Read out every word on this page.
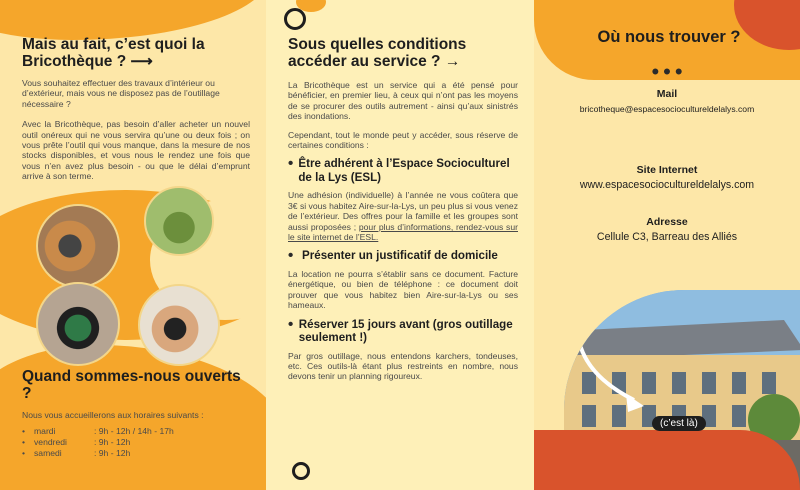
Mais au fait, c’est quoi la Bricothèque ? ⟶

Vous souhaitez effectuer des travaux d’intérieur ou d’extérieur, mais vous ne disposez pas de l’outillage nécessaire ?

Avec la Bricothèque, pas besoin d’aller acheter un nouvel outil onéreux qui ne vous servira qu’une ou deux fois ; on vous prête l’outil qui vous manque, dans la mesure de nos stocks disponibles, et vous nous le rendez une fois que vous n’en avez plus besoin - ou que le délai d’emprunt arrive à son terme.

Quand sommes-nous ouverts ?

Nous vous accueillerons aux horaires suivants :

•	mardi	: 9h - 12h / 14h - 17h
•	vendredi	: 9h - 12h
•	samedi	: 9h - 12h
Sous quelles conditions accéder au service ? →

La Bricothèque est un service qui a été pensé pour bénéficier, en premier lieu, à ceux qui n’ont pas les moyens de se procurer des outils autrement - ainsi qu’aux sinistrés des inondations.

Cependant, tout le monde peut y accéder, sous réserve de certaines conditions :

• Être adhérent à l’Espace Socioculturel de la Lys (ESL)

Une adhésion (individuelle) à l’année ne vous coûtera que 3€ si vous habitez Aire-sur-la-Lys, un peu plus si vous venez de l’extérieur. Des offres pour la famille et les groupes sont aussi proposées ; pour plus d’informations, rendez-vous sur le site internet de l’ESL.

• Présenter un justificatif de domicile

La location ne pourra s’établir sans ce document. Facture énergétique, ou bien de téléphone : ce document doit prouver que vous habitez bien Aire-sur-la-Lys ou ses hameaux.

• Réserver 15 jours avant (gros outillage seulement !)

Par gros outillage, nous entendons karchers, tondeuses, etc. Ces outils-là étant plus restreints en nombre, nous devons tenir un planning rigoureux.

Où nous trouver ?
•••
Mail
bricotheque@espacesociocultureldelalys.com
Site Internet
www.espacesociocultureldelalys.com
Adresse
Cellule C3, Barreau des Alliés
(c’est là)
